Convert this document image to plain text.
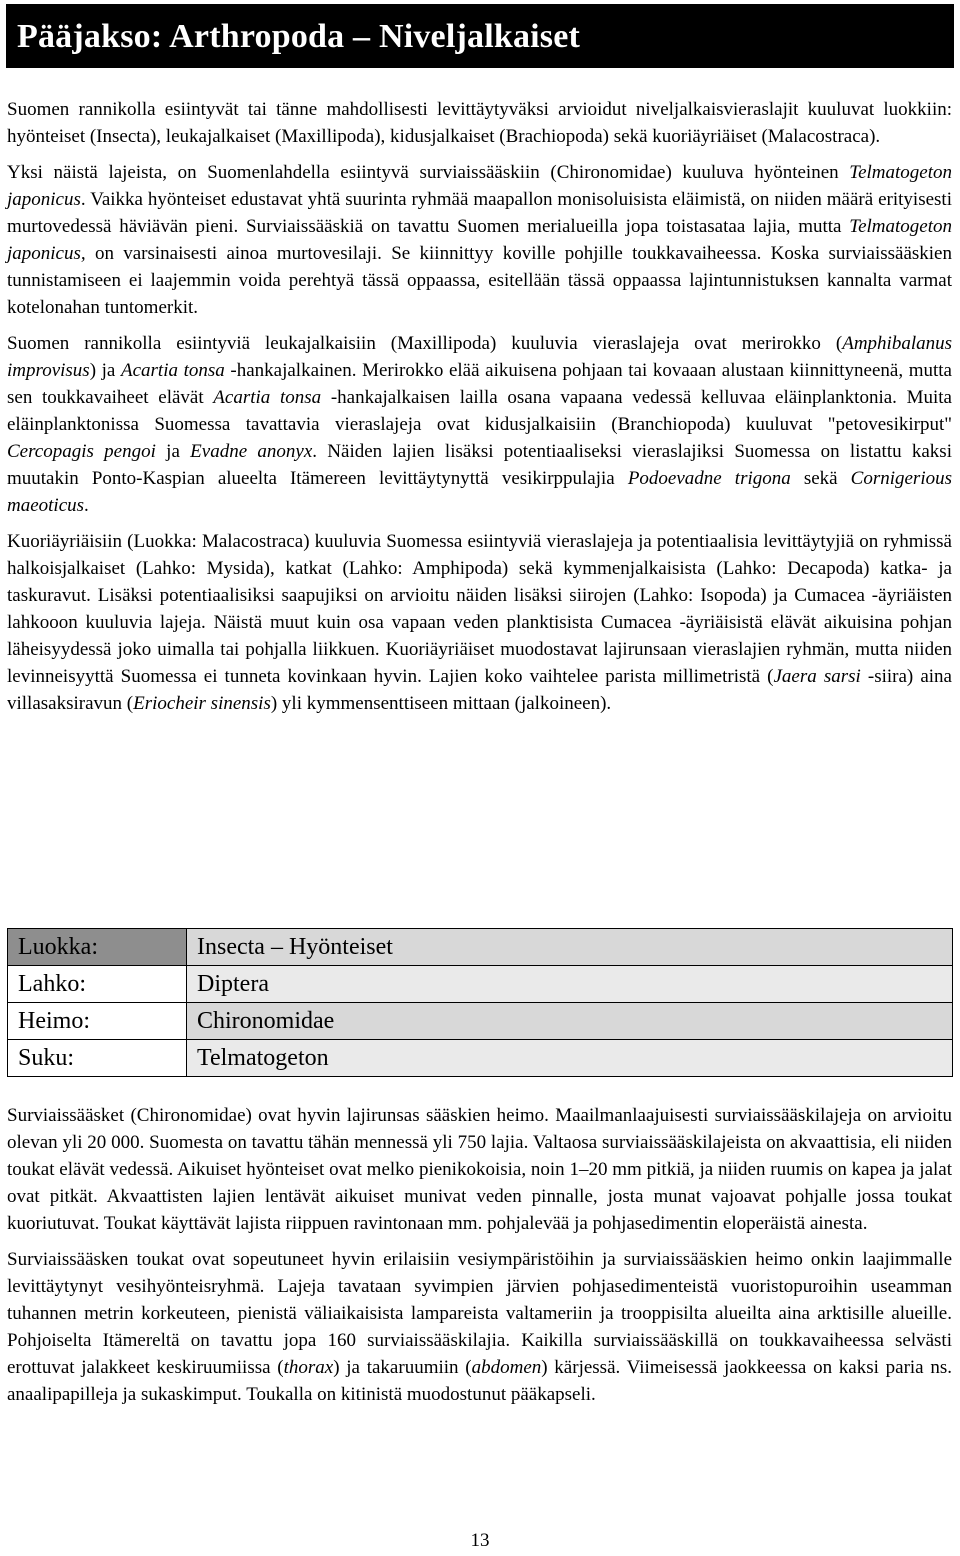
Pääjakso: Arthropoda – Niveljalkaiset

Suomen rannikolla esiintyvät tai tänne mahdollisesti levittäytyväksi arvioidut niveljalkaisvieraslajit kuuluvat luokkiin: hyönteiset (Insecta), leukajalkaiset (Maxillipoda), kidusjalkaiset (Brachiopoda) sekä kuoriäyriäiset (Malacostraca).

Yksi näistä lajeista, on Suomenlahdella esiintyvä surviaissääskiin (Chironomidae) kuuluva hyönteinen Telmatogeton japonicus. Vaikka hyönteiset edustavat yhtä suurinta ryhmää maapallon monisoluisista eläimistä, on niiden määrä erityisesti murtovedessä häviävän pieni. Surviaissääskiä on tavattu Suomen merialueilla jopa toistasataa lajia, mutta Telmatogeton japonicus, on varsinaisesti ainoa murtovesilaji. Se kiinnittyy koville pohjille toukkavaiheessa. Koska surviaissääskien tunnistamiseen ei laajemmin voida perehtyä tässä oppaassa, esitellään tässä oppaassa lajintunnistuksen kannalta varmat kotelonahan tuntomerkit.

Suomen rannikolla esiintyviä leukajalkaisiin (Maxillipoda) kuuluvia vieraslajeja ovat merirokko (Amphibalanus improvisus) ja Acartia tonsa -hankajalkainen. Merirokko elää aikuisena pohjaan tai kovaaan alustaan kiinnittyneenä, mutta sen toukkavaiheet elävät Acartia tonsa -hankajalkaisen lailla osana vapaana vedessä kelluvaa eläinplanktonia. Muita eläinplanktonissa Suomessa tavattavia vieraslajeja ovat kidusjalkaisiin (Branchiopoda) kuuluvat "petovesikirput" Cercopagis pengoi ja Evadne anonyx. Näiden lajien lisäksi potentiaaliseksi vieraslajiksi Suomessa on listattu kaksi muutakin Ponto-Kaspian alueelta Itämereen levittäytynyttä vesikirppulajia Podoevadne trigona sekä Cornigerious maeoticus.

Kuoriäyriäisiin (Luokka: Malacostraca) kuuluvia Suomessa esiintyviä vieraslajeja ja potentiaalisia levittäytyjiä on ryhmissä halkoisjalkaiset (Lahko: Mysida), katkat (Lahko: Amphipoda) sekä kymmenjalkaisista (Lahko: Decapoda) katka- ja taskuravut. Lisäksi potentiaalisiksi saapujiksi on arvioitu näiden lisäksi siirojen (Lahko: Isopoda) ja Cumacea -äyriäisten lahkooon kuuluvia lajeja. Näistä muut kuin osa vapaan veden planktisista Cumacea -äyriäisistä elävät aikuisina pohjan läheisyydessä joko uimalla tai pohjalla liikkuen. Kuoriäyriäiset muodostavat lajirunsaan vieraslajien ryhmän, mutta niiden levinneisyyttä Suomessa ei tunneta kovinkaan hyvin. Lajien koko vaihtelee parista millimetristä (Jaera sarsi -siira) aina villasaksiravun (Eriocheir sinensis) yli kymmensenttiseen mittaan (jalkoineen).

Luokka:	Insecta – Hyönteiset
Lahko:	Diptera
Heimo:	Chironomidae
Suku:	Telmatogeton

Surviaissääsket (Chironomidae) ovat hyvin lajirunsas sääskien heimo. Maailmanlaajuisesti surviaissääskilajeja on arvioitu olevan yli 20 000. Suomesta on tavattu tähän mennessä yli 750 lajia. Valtaosa surviaissääskilajeista on akvaattisia, eli niiden toukat elävät vedessä. Aikuiset hyönteiset ovat melko pienikokoisia, noin 1–20 mm pitkiä, ja niiden ruumis on kapea ja jalat ovat pitkät. Akvaattisten lajien lentävät aikuiset munivat veden pinnalle, josta munat vajoavat pohjalle jossa toukat kuoriutuvat. Toukat käyttävät lajista riippuen ravintonaan mm. pohjalevää ja pohjasedimentin eloperäistä ainesta.

Surviaissääsken toukat ovat sopeutuneet hyvin erilaisiin vesiympäristöihin ja surviaissääskien heimo onkin laajimmalle levittäytynyt vesihyönteisryhmä. Lajeja tavataan syvimpien järvien pohjasedimenteistä vuoristopuroihin useamman tuhannen metrin korkeuteen, pienistä väliaikaisista lampareista valtameriin ja trooppisilta alueilta aina arktisille alueille. Pohjoiselta Itämereltä on tavattu jopa 160 surviaissääskilajia. Kaikilla surviaissääskillä on toukkavaiheessa selvästi erottuvat jalakkeet keskiruumiissa (thorax) ja takaruumiin (abdomen) kärjessä. Viimeisessä jaokkeessa on kaksi paria ns. anaalipapilleja ja sukaskimput. Toukalla on kitinistä muodostunut pääkapseli.

13
